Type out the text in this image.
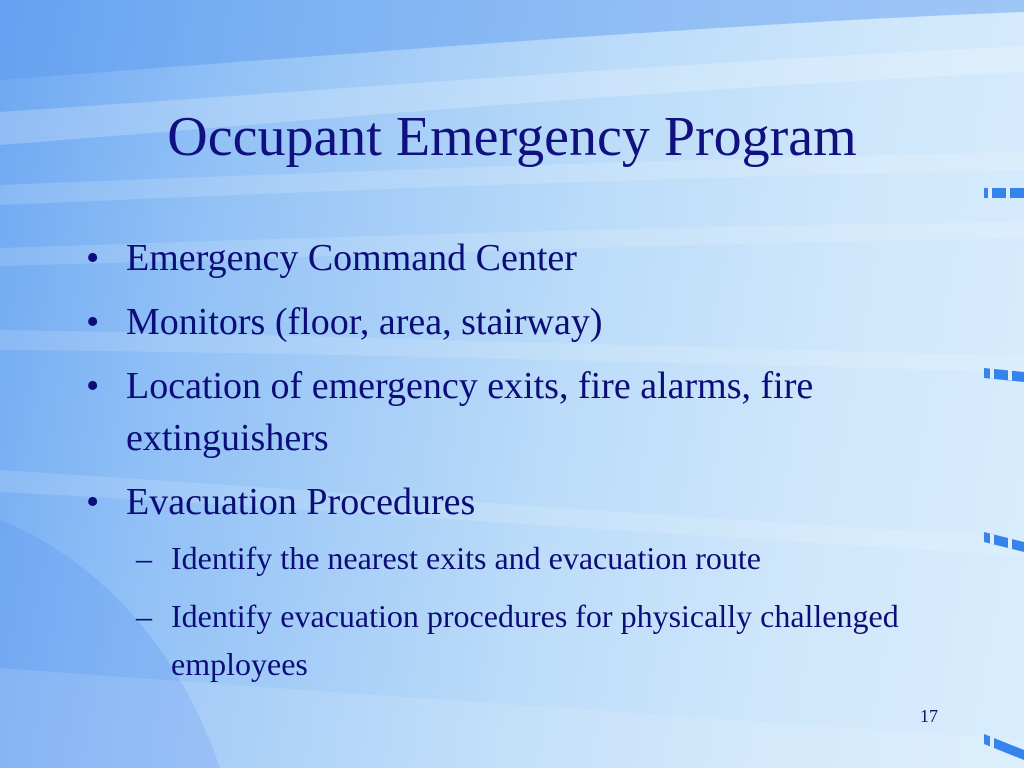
Occupant Emergency Program
• Emergency Command Center
• Monitors (floor, area, stairway)
• Location of emergency exits, fire alarms, fire extinguishers
• Evacuation Procedures
– Identify the nearest exits and evacuation route
– Identify evacuation procedures for physically challenged employees
17
